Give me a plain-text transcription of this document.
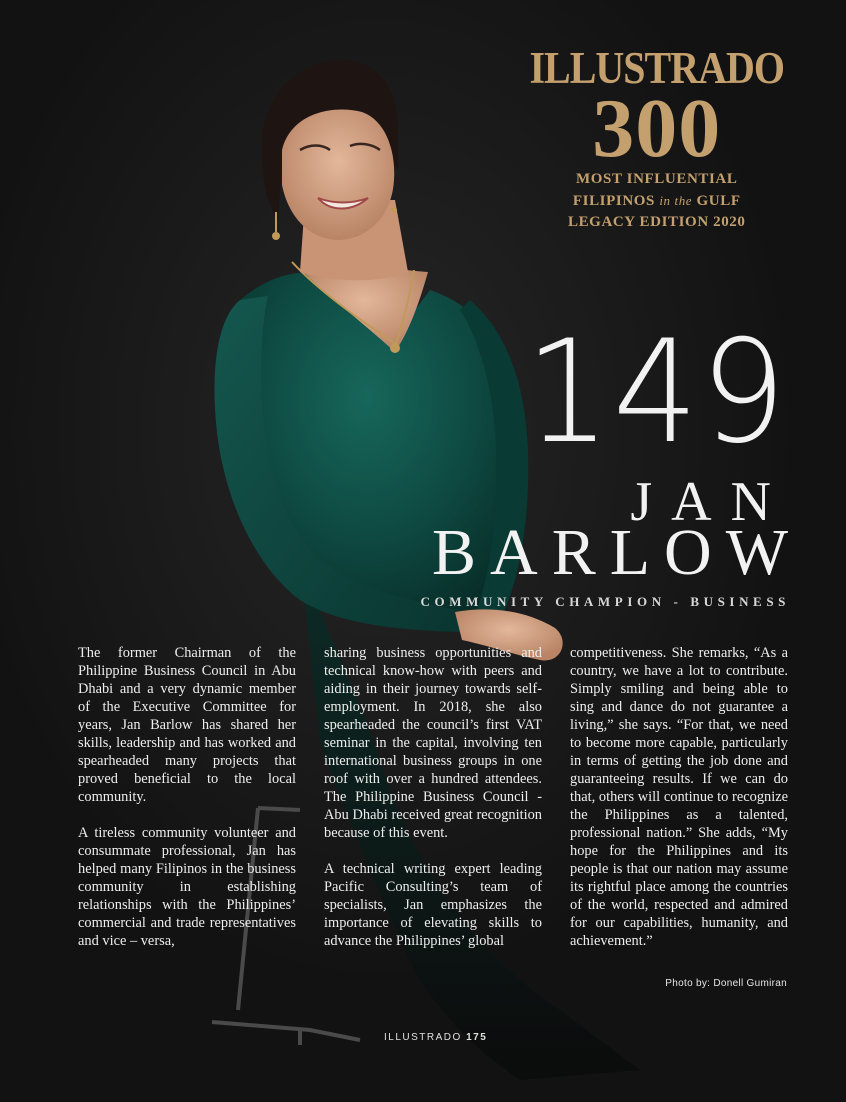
ILLUSTRADO
300
MOST INFLUENTIAL
FILIPINOS in the GULF
LEGACY EDITION 2020
149
JAN
BARLOW
COMMUNITY CHAMPION - BUSINESS

The former Chairman of the Philippine Business Council in Abu Dhabi and a very dynamic member of the Executive Committee for years, Jan Barlow has shared her skills, leadership and has worked and spearheaded many projects that proved beneficial to the local community.

A tireless community volunteer and consummate professional, Jan has helped many Filipinos in the business community in establishing relationships with the Philippines’ commercial and trade representatives and vice – versa,

sharing business opportunities and technical know-how with peers and aiding in their journey towards self-employment. In 2018, she also spearheaded the council’s first VAT seminar in the capital, involving ten international business groups in one roof with over a hundred attendees. The Philippine Business Council - Abu Dhabi received great recognition because of this event.

A technical writing expert leading Pacific Consulting’s team of specialists, Jan emphasizes the importance of elevating skills to advance the Philippines’ global

competitiveness. She remarks, “As a country, we have a lot to contribute. Simply smiling and being able to sing and dance do not guarantee a living,” she says. “For that, we need to become more capable, particularly in terms of getting the job done and guaranteeing results. If we can do that, others will continue to recognize the Philippines as a talented, professional nation.” She adds, “My hope for the Philippines and its people is that our nation may assume its rightful place among the countries of the world, respected and admired for our capabilities, humanity, and achievement.”

Photo by: Donell Gumiran
ILLUSTRADO 175
